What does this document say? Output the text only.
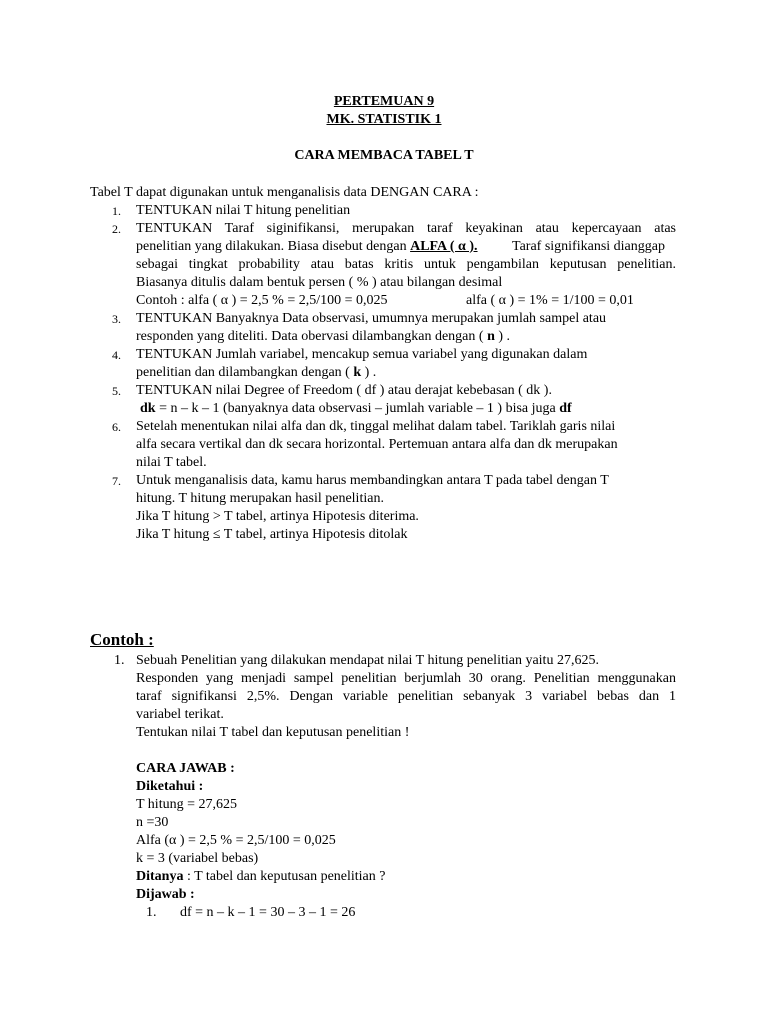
PERTEMUAN 9
MK. STATISTIK 1
CARA MEMBACA TABEL T
Tabel T dapat digunakan untuk menganalisis data DENGAN CARA :
1. TENTUKAN nilai T hitung penelitian
2. TENTUKAN Taraf siginifikansi, merupakan taraf keyakinan atau kepercayaan atas
penelitian yang dilakukan. Biasa disebut dengan ALFA ( α ). Taraf signifikansi dianggap
sebagai tingkat probability atau batas kritis untuk pengambilan keputusan penelitian.
Biasanya ditulis dalam bentuk persen ( % ) atau bilangan desimal
Contoh : alfa ( α ) = 2,5 % = 2,5/100 = 0,025	alfa ( α ) = 1% = 1/100 = 0,01
3. TENTUKAN Banyaknya Data observasi, umumnya merupakan jumlah sampel atau
responden yang diteliti. Data obervasi dilambangkan dengan ( n ) .
4. TENTUKAN Jumlah variabel, mencakup semua variabel yang digunakan dalam
penelitian dan dilambangkan dengan ( k ) .
5. TENTUKAN nilai Degree of Freedom ( df ) atau derajat kebebasan ( dk ).
dk = n – k – 1 (banyaknya data observasi – jumlah variable – 1 ) bisa juga df
6. Setelah menentukan nilai alfa dan dk, tinggal melihat dalam tabel. Tariklah garis nilai
alfa secara vertikal dan dk secara horizontal. Pertemuan antara alfa dan dk merupakan
nilai T tabel.
7. Untuk menganalisis data, kamu harus membandingkan antara T pada tabel dengan T
hitung. T hitung merupakan hasil penelitian.
Jika T hitung > T tabel, artinya Hipotesis diterima.
Jika T hitung ≤ T tabel, artinya Hipotesis ditolak
Contoh :
1. Sebuah Penelitian yang dilakukan mendapat nilai T hitung penelitian yaitu 27,625.
Responden yang menjadi sampel penelitian berjumlah 30 orang. Penelitian menggunakan
taraf signifikansi 2,5%. Dengan variable penelitian sebanyak 3 variabel bebas dan 1
variabel terikat.
Tentukan nilai T tabel dan keputusan penelitian !
CARA JAWAB :
Diketahui :
T hitung = 27,625
n =30
Alfa (α ) = 2,5 % = 2,5/100 = 0,025
k = 3 (variabel bebas)
Ditanya : T tabel dan keputusan penelitian ?
Dijawab :
1. df = n – k – 1 = 30 – 3 – 1 = 26
